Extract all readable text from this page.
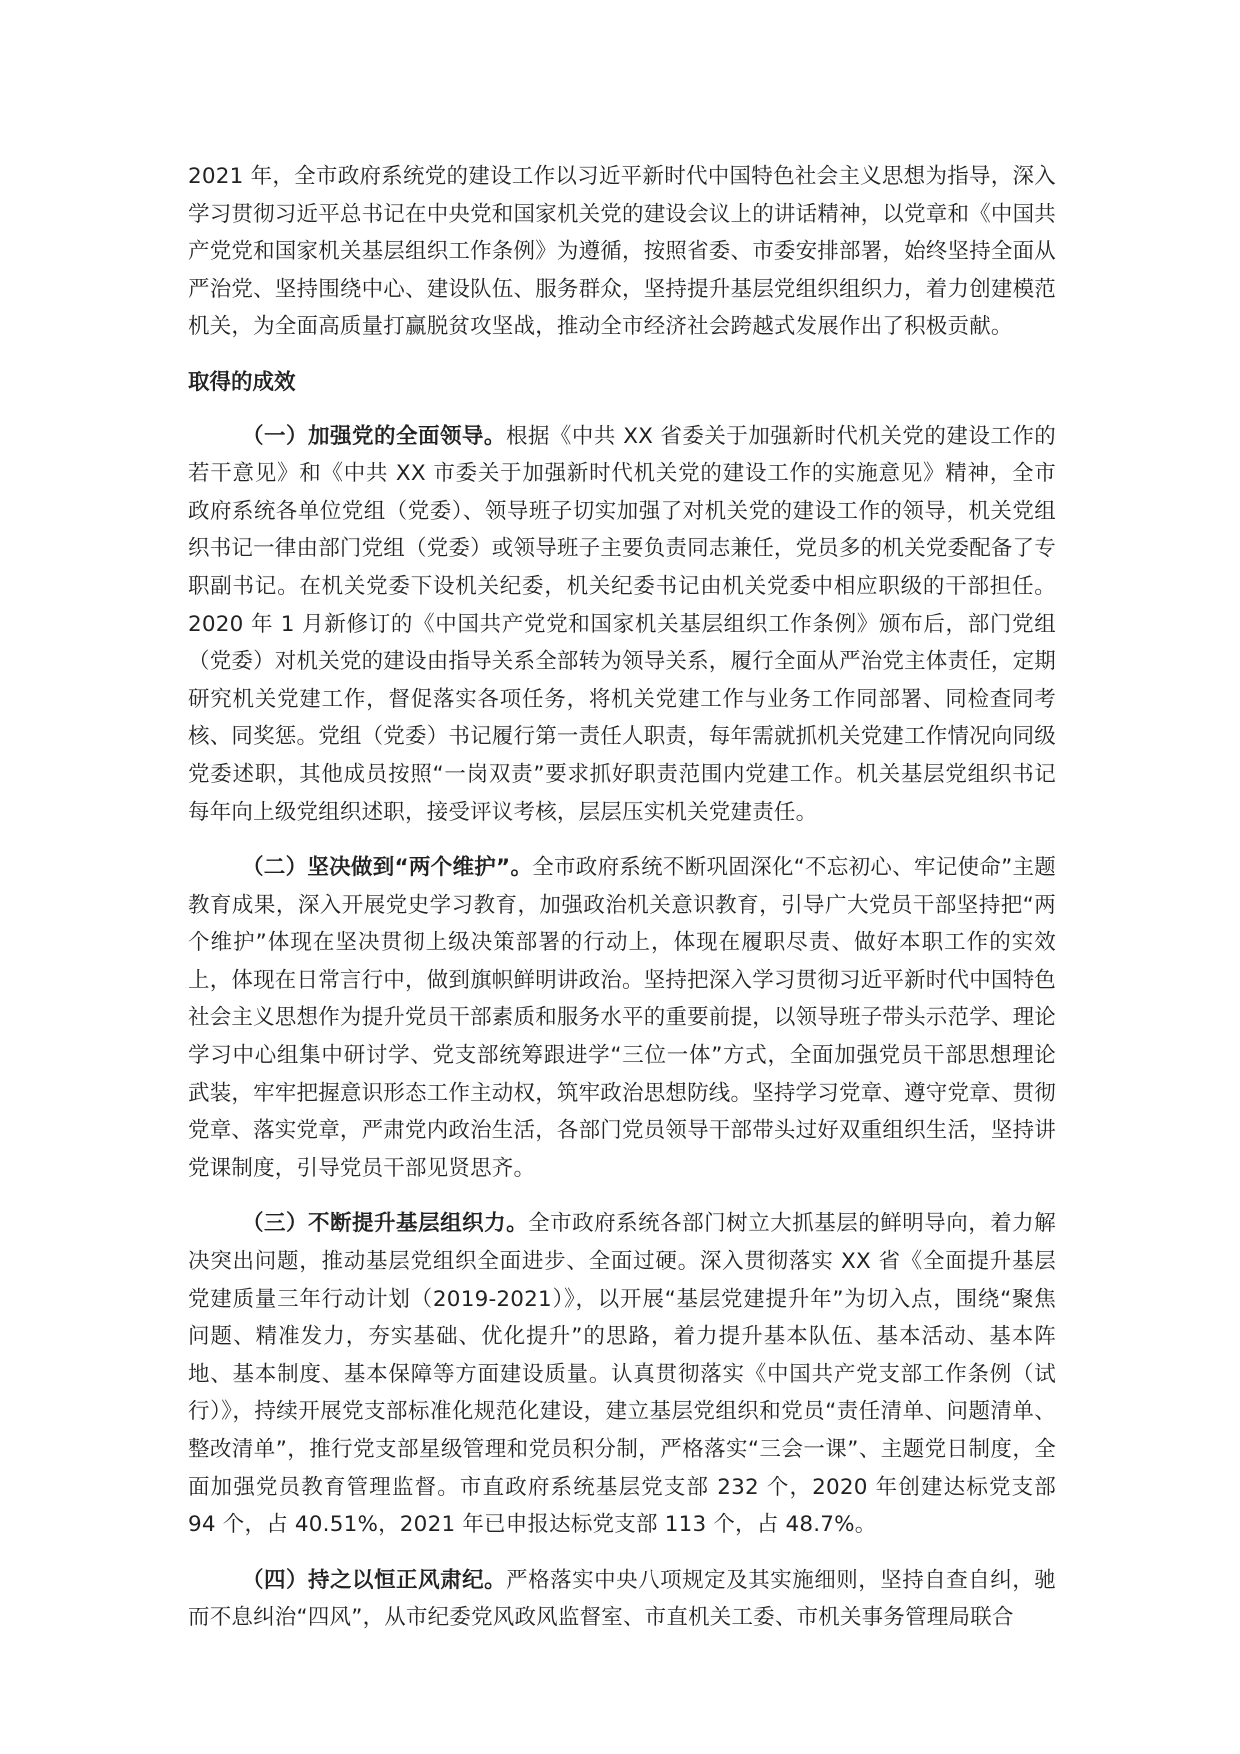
2021 年，全市政府系统党的建设工作以习近平新时代中国特色社会主义思想为指导，深入学习贯彻习近平总书记在中央党和国家机关党的建设会议上的讲话精神，以党章和《中国共产党党和国家机关基层组织工作条例》为遵循，按照省委、市委安排部署，始终坚持全面从严治党、坚持围绕中心、建设队伍、服务群众，坚持提升基层党组织组织力，着力创建模范机关，为全面高质量打赢脱贫攻坚战，推动全市经济社会跨越式发展作出了积极贡献。

取得的成效

（一）加强党的全面领导。根据《中共 XX 省委关于加强新时代机关党的建设工作的若干意见》和《中共 XX 市委关于加强新时代机关党的建设工作的实施意见》精神，全市政府系统各单位党组（党委）、领导班子切实加强了对机关党的建设工作的领导，机关党组织书记一律由部门党组（党委）或领导班子主要负责同志兼任，党员多的机关党委配备了专职副书记。在机关党委下设机关纪委，机关纪委书记由机关党委中相应职级的干部担任。2020 年 1 月新修订的《中国共产党党和国家机关基层组织工作条例》颁布后，部门党组（党委）对机关党的建设由指导关系全部转为领导关系，履行全面从严治党主体责任，定期研究机关党建工作，督促落实各项任务，将机关党建工作与业务工作同部署、同检查同考核、同奖惩。党组（党委）书记履行第一责任人职责，每年需就抓机关党建工作情况向同级党委述职，其他成员按照“一岗双责”要求抓好职责范围内党建工作。机关基层党组织书记每年向上级党组织述职，接受评议考核，层层压实机关党建责任。

（二）坚决做到“两个维护”。全市政府系统不断巩固深化“不忘初心、牢记使命”主题教育成果，深入开展党史学习教育，加强政治机关意识教育，引导广大党员干部坚持把“两个维护”体现在坚决贯彻上级决策部署的行动上，体现在履职尽责、做好本职工作的实效上，体现在日常言行中，做到旗帜鲜明讲政治。坚持把深入学习贯彻习近平新时代中国特色社会主义思想作为提升党员干部素质和服务水平的重要前提，以领导班子带头示范学、理论学习中心组集中研讨学、党支部统筹跟进学“三位一体”方式，全面加强党员干部思想理论武装，牢牢把握意识形态工作主动权，筑牢政治思想防线。坚持学习党章、遵守党章、贯彻党章、落实党章，严肃党内政治生活，各部门党员领导干部带头过好双重组织生活，坚持讲党课制度，引导党员干部见贤思齐。

（三）不断提升基层组织力。全市政府系统各部门树立大抓基层的鲜明导向，着力解决突出问题，推动基层党组织全面进步、全面过硬。深入贯彻落实 XX 省《全面提升基层党建质量三年行动计划（2019-2021）》，以开展“基层党建提升年”为切入点，围绕“聚焦问题、精准发力，夯实基础、优化提升”的思路，着力提升基本队伍、基本活动、基本阵地、基本制度、基本保障等方面建设质量。认真贯彻落实《中国共产党支部工作条例（试行）》，持续开展党支部标准化规范化建设，建立基层党组织和党员“责任清单、问题清单、整改清单”，推行党支部星级管理和党员积分制，严格落实“三会一课”、主题党日制度，全面加强党员教育管理监督。市直政府系统基层党支部 232 个，2020 年创建达标党支部 94 个，占 40.51%，2021 年已申报达标党支部 113 个，占 48.7%。

（四）持之以恒正风肃纪。严格落实中央八项规定及其实施细则，坚持自查自纠，驰而不息纠治“四风”，从市纪委党风政风监督室、市直机关工委、市机关事务管理局联合
